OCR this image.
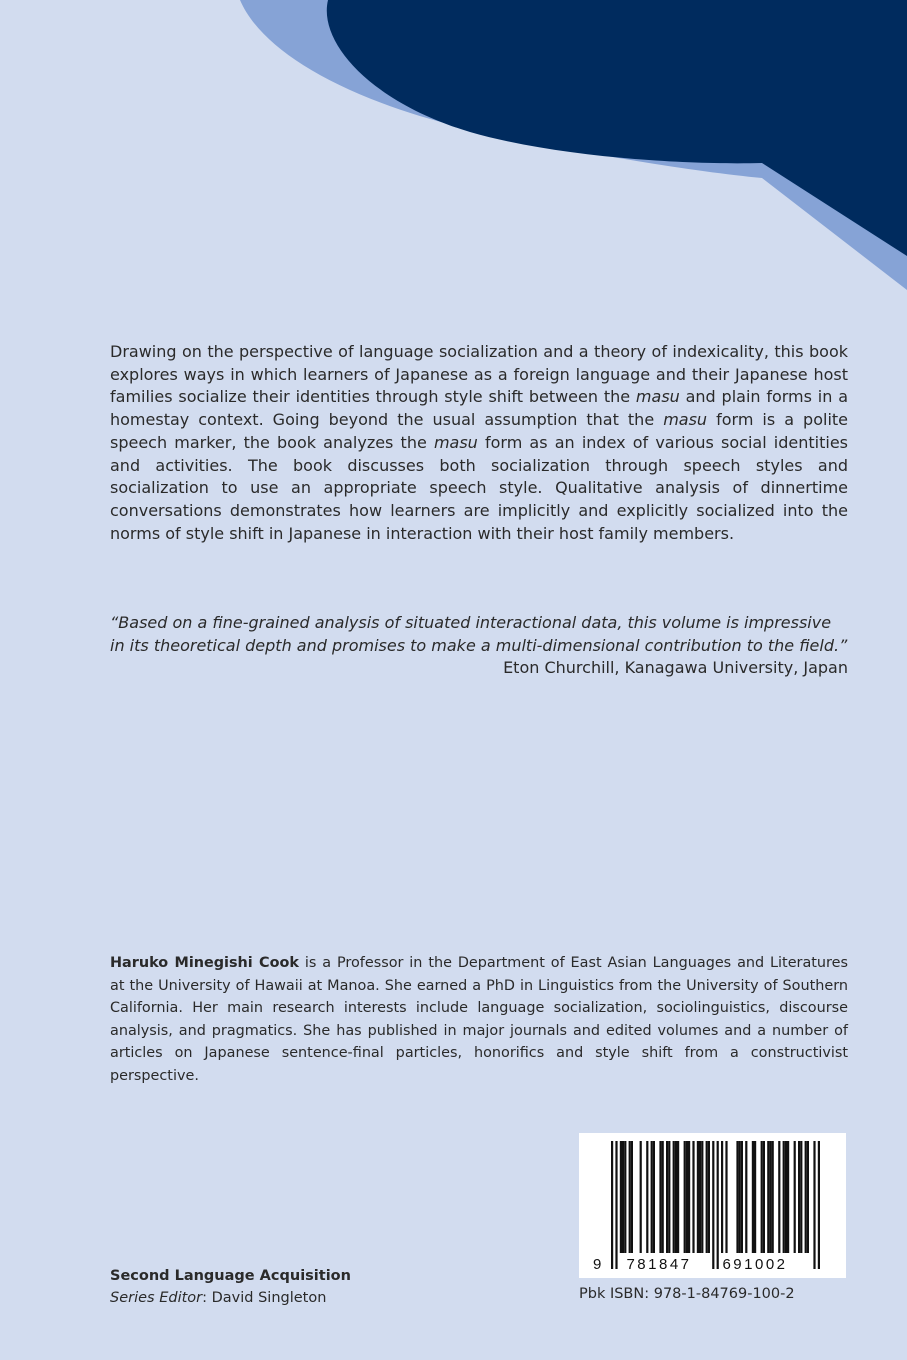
Drawing on the perspective of language socialization and a theory of indexicality, this book explores ways in which learners of Japanese as a foreign language and their Japanese host families socialize their identities through style shift between the masu and plain forms in a homestay context. Going beyond the usual assumption that the masu form is a polite speech marker, the book analyzes the masu form as an index of various social identities and activities. The book discusses both socialization through speech styles and socialization to use an appropriate speech style. Qualitative analysis of dinnertime conversations demonstrates how learners are implicitly and explicitly socialized into the norms of style shift in Japanese in interaction with their host family members.

“Based on a fine-grained analysis of situated interactional data, this volume is impressive in its theoretical depth and promises to make a multi-dimensional contribution to the field.”
Eton Churchill, Kanagawa University, Japan

Haruko Minegishi Cook is a Professor in the Department of East Asian Languages and Literatures at the University of Hawaii at Manoa. She earned a PhD in Linguistics from the University of Southern California. Her main research interests include language socialization, sociolinguistics, discourse analysis, and pragmatics. She has published in major journals and edited volumes and a number of articles on Japanese sentence-final particles, honorifics and style shift from a constructivist perspective.

Second Language Acquisition
Series Editor: David Singleton
9 781847 691002
Pbk ISBN: 978-1-84769-100-2
